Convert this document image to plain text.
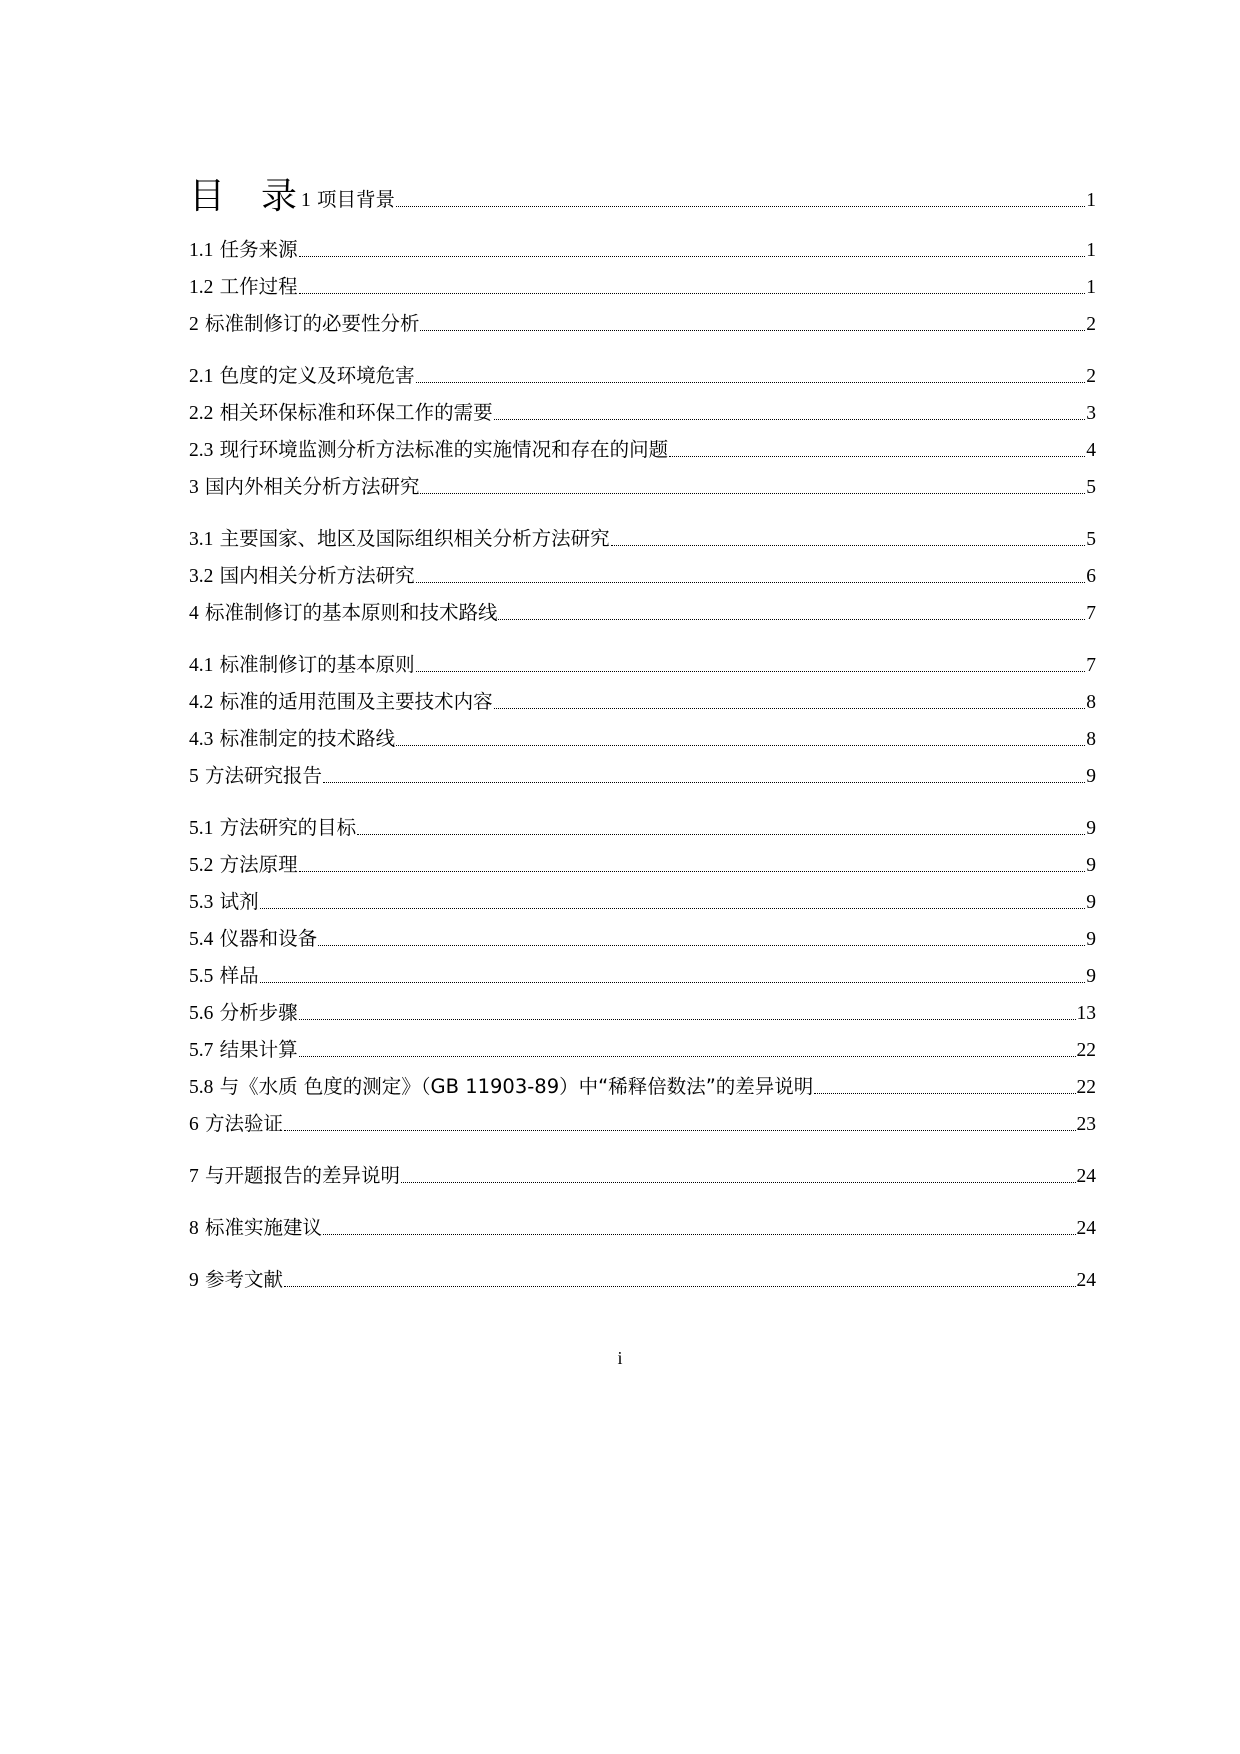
目　录 1 项目背景	1
1.1 任务来源	1
1.2 工作过程	1
2 标准制修订的必要性分析	2
2.1 色度的定义及环境危害	2
2.2 相关环保标准和环保工作的需要	3
2.3 现行环境监测分析方法标准的实施情况和存在的问题	4
3 国内外相关分析方法研究	5
3.1 主要国家、地区及国际组织相关分析方法研究	5
3.2 国内相关分析方法研究	6
4 标准制修订的基本原则和技术路线	7
4.1 标准制修订的基本原则	7
4.2 标准的适用范围及主要技术内容	8
4.3 标准制定的技术路线	8
5 方法研究报告	9
5.1 方法研究的目标	9
5.2 方法原理	9
5.3 试剂	9
5.4 仪器和设备	9
5.5 样品	9
5.6 分析步骤	13
5.7 结果计算	22
5.8 与《水质 色度的测定》（GB 11903-89）中“稀释倍数法”的差异说明	22
6 方法验证	23
7 与开题报告的差异说明	24
8 标准实施建议	24
9 参考文献	24
i
